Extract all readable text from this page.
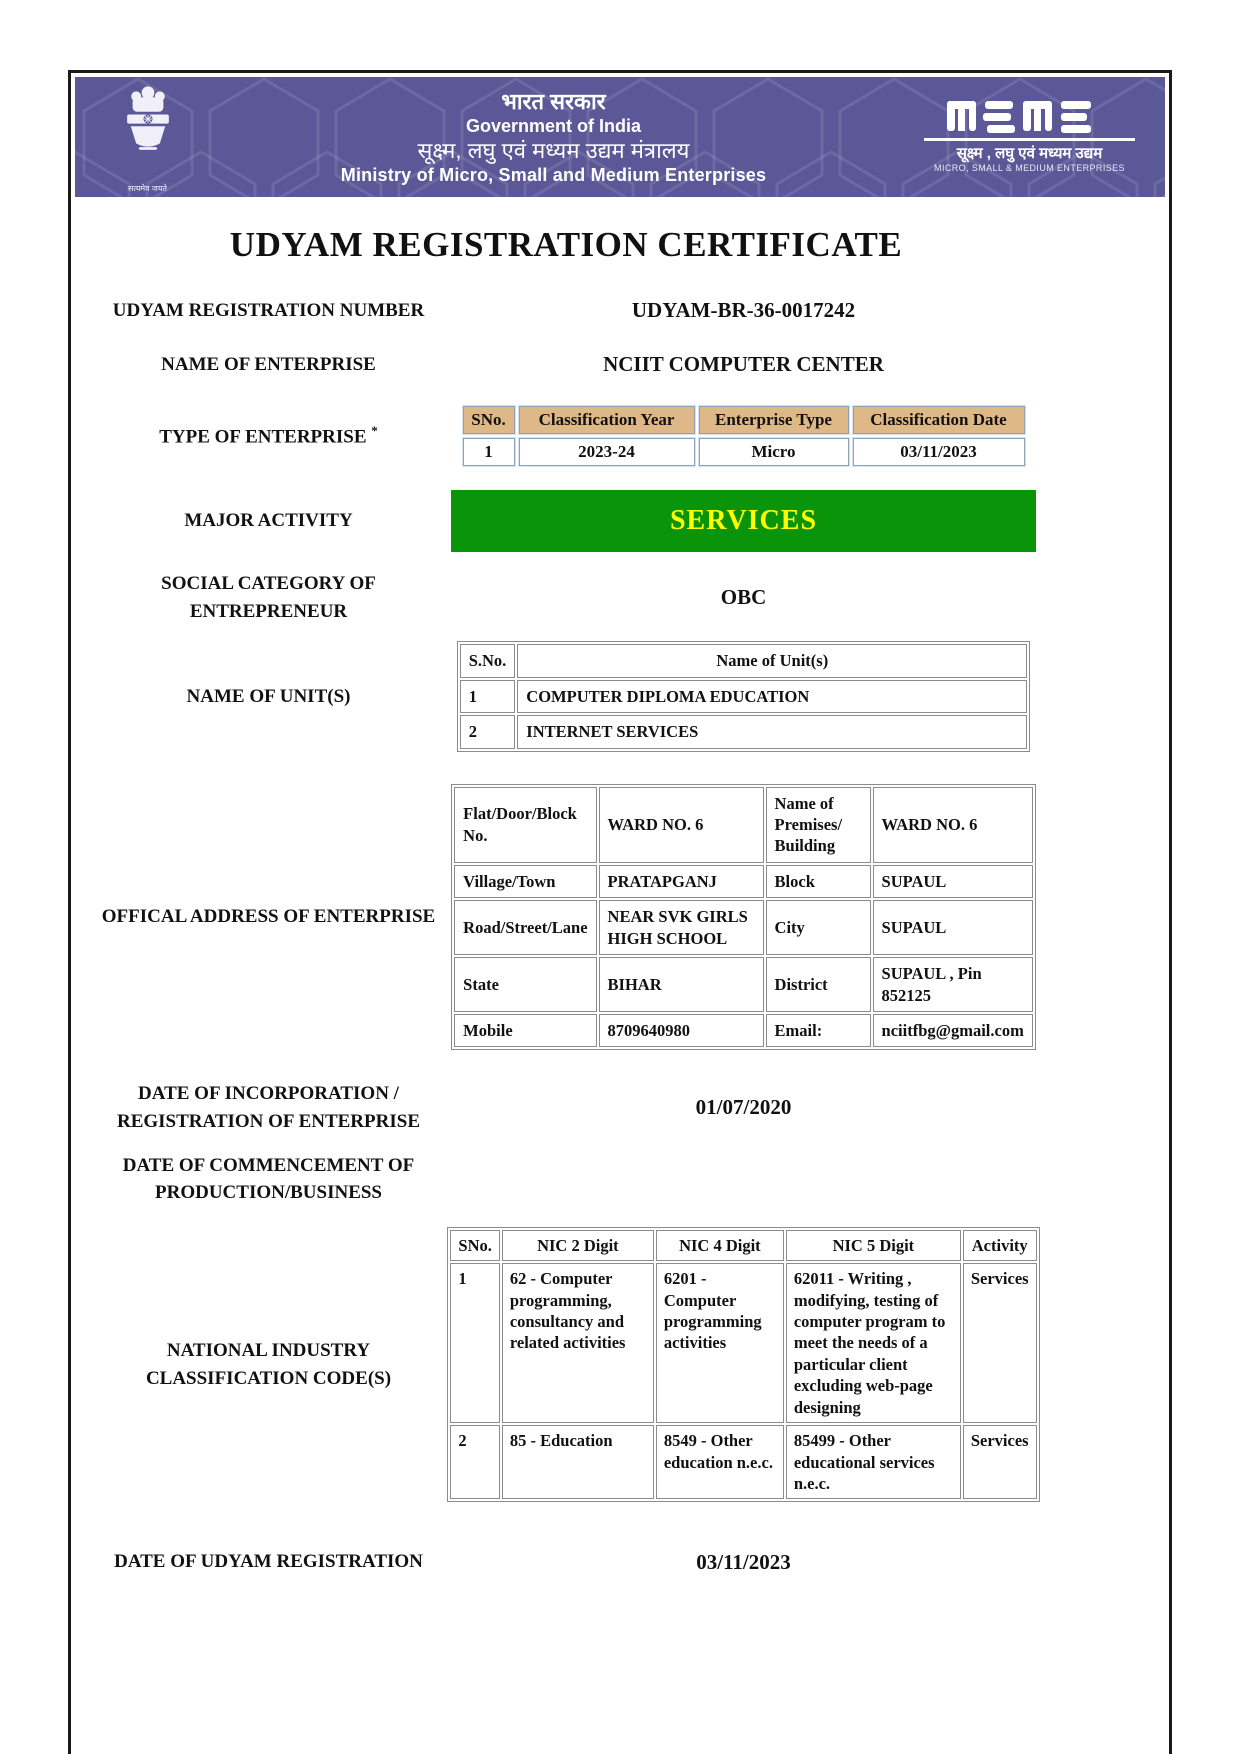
सत्यमेव जयते
भारत सरकार
Government of India
सूक्ष्म, लघु एवं मध्यम उद्यम मंत्रालय
Ministry of Micro, Small and Medium Enterprises
सूक्ष्म , लघु एवं मध्यम उद्यम
MICRO, SMALL & MEDIUM ENTERPRISES
UDYAM REGISTRATION CERTIFICATE
UDYAM REGISTRATION NUMBER	UDYAM-BR-36-0017242
NAME OF ENTERPRISE	NCIIT COMPUTER CENTER
TYPE OF ENTERPRISE *
SNo.	Classification Year	Enterprise Type	Classification Date
1	2023-24	Micro	03/11/2023
MAJOR ACTIVITY	SERVICES
SOCIAL CATEGORY OF ENTREPRENEUR
OBC
NAME OF UNIT(S)
S.No.	Name of Unit(s)
1	COMPUTER DIPLOMA EDUCATION
2	INTERNET SERVICES
OFFICAL ADDRESS OF ENTERPRISE
Flat/Door/Block No.	WARD NO. 6	Name of Premises/ Building	WARD NO. 6
Village/Town	PRATAPGANJ	Block	SUPAUL
Road/Street/Lane	NEAR SVK GIRLS HIGH SCHOOL	City	SUPAUL
State	BIHAR	District	SUPAUL , Pin 852125
Mobile	8709640980	Email:	nciitfbg@gmail.com
DATE OF INCORPORATION / REGISTRATION OF ENTERPRISE
01/07/2020
DATE OF COMMENCEMENT OF PRODUCTION/BUSINESS
NATIONAL INDUSTRY CLASSIFICATION CODE(S)
SNo.	NIC 2 Digit	NIC 4 Digit	NIC 5 Digit	Activity
1	62 - Computer programming, consultancy and related activities	6201 - Computer programming activities	62011 - Writing , modifying, testing of computer program to meet the needs of a particular client excluding web-page designing	Services
2	85 - Education	8549 - Other education n.e.c.	85499 - Other educational services n.e.c.	Services
DATE OF UDYAM REGISTRATION	03/11/2023
